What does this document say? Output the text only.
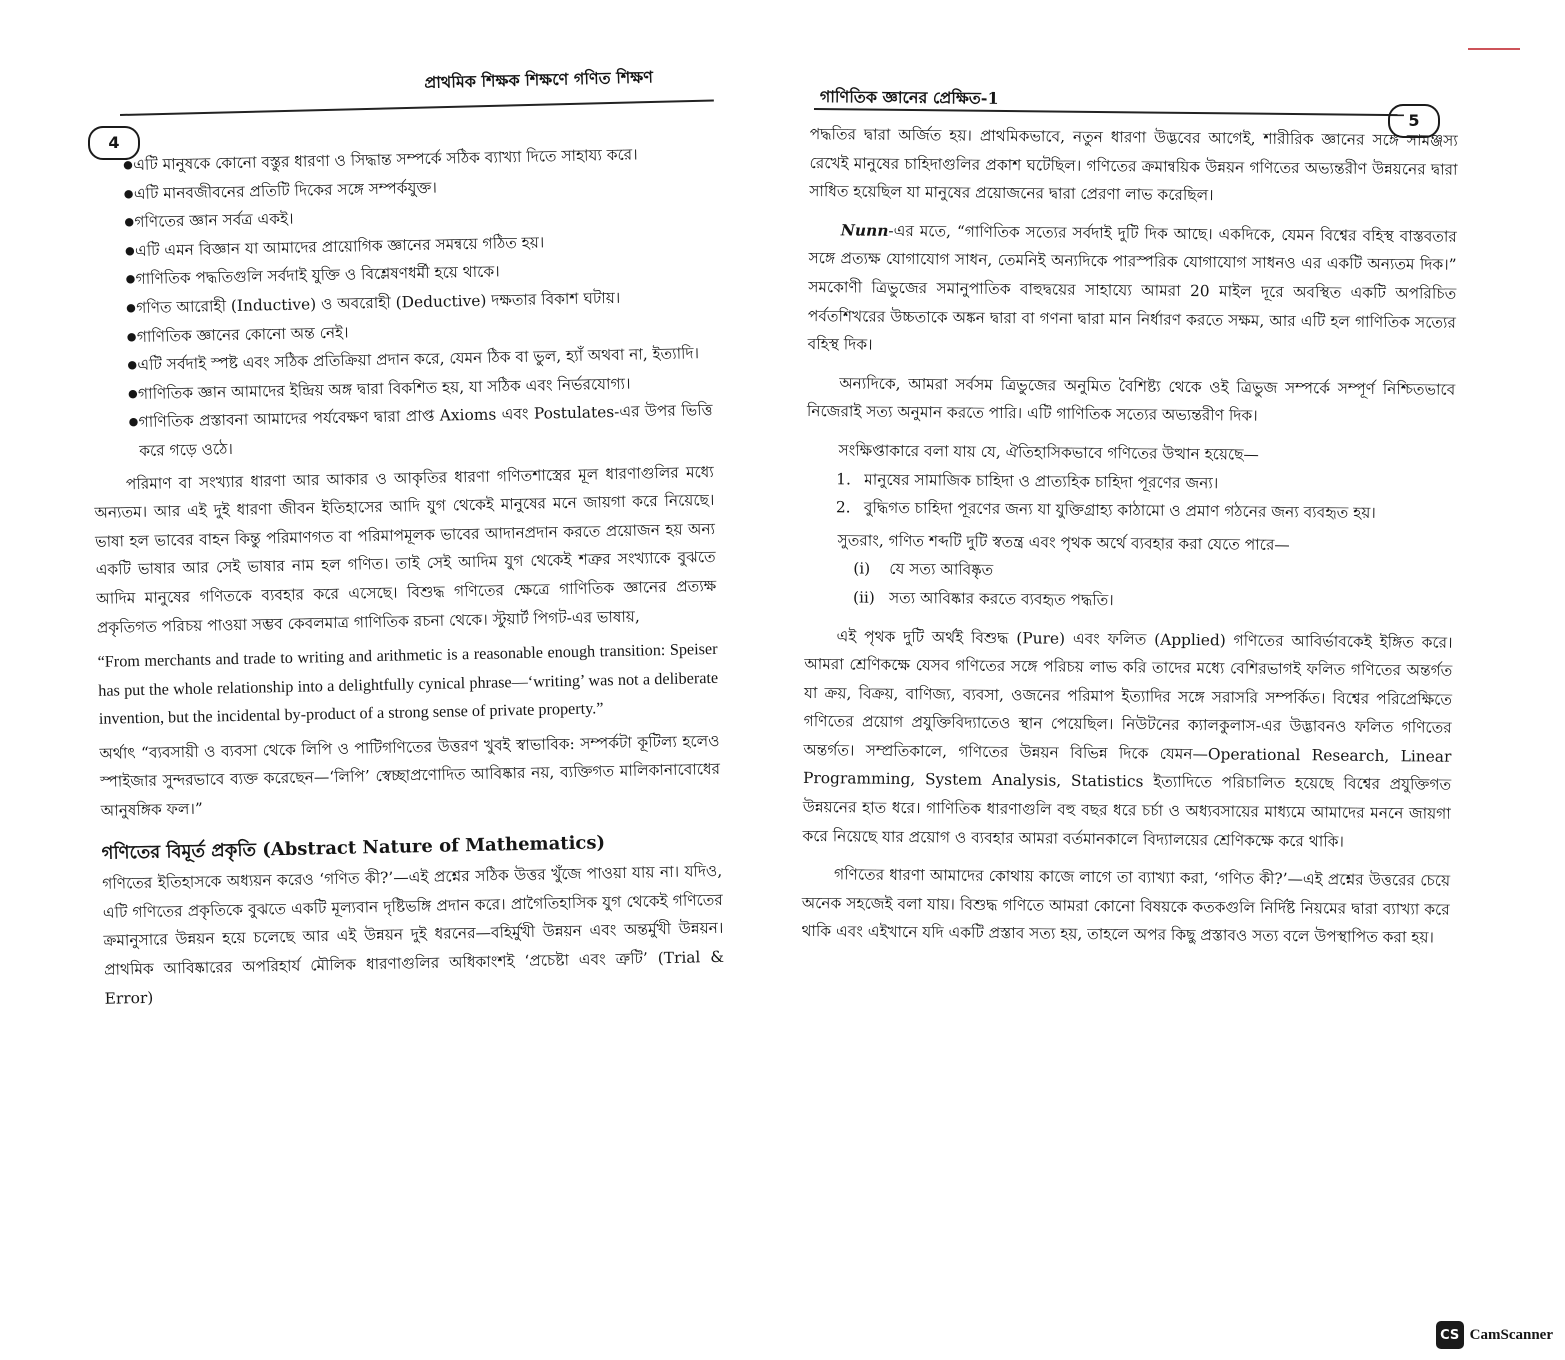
প্রাথমিক শিক্ষক শিক্ষণে গণিত শিক্ষণ
4
● এটি মানুষকে কোনো বস্তুর ধারণা ও সিদ্ধান্ত সম্পর্কে সঠিক ব্যাখ্যা দিতে সাহায্য করে।
● এটি মানবজীবনের প্রতিটি দিকের সঙ্গে সম্পর্কযুক্ত।
● গণিতের জ্ঞান সর্বত্র একই।
● এটি এমন বিজ্ঞান যা আমাদের প্রায়োগিক জ্ঞানের সমন্বয়ে গঠিত হয়।
● গাণিতিক পদ্ধতিগুলি সর্বদাই যুক্তি ও বিশ্লেষণধর্মী হয়ে থাকে।
● গণিত আরোহী (Inductive) ও অবরোহী (Deductive) দক্ষতার বিকাশ ঘটায়।
● গাণিতিক জ্ঞানের কোনো অন্ত নেই।
● এটি সর্বদাই স্পষ্ট এবং সঠিক প্রতিক্রিয়া প্রদান করে, যেমন ঠিক বা ভুল, হ্যাঁ অথবা না, ইত্যাদি।
● গাণিতিক জ্ঞান আমাদের ইন্দ্রিয় অঙ্গ দ্বারা বিকশিত হয়, যা সঠিক এবং নির্ভরযোগ্য।
● গাণিতিক প্রস্তাবনা আমাদের পর্যবেক্ষণ দ্বারা প্রাপ্ত Axioms এবং Postulates-এর উপর ভিত্তি করে গড়ে ওঠে।

পরিমাণ বা সংখ্যার ধারণা আর আকার ও আকৃতির ধারণা গণিতশাস্ত্রের মূল ধারণাগুলির মধ্যে অন্যতম। আর এই দুই ধারণা জীবন ইতিহাসের আদি যুগ থেকেই মানুষের মনে জায়গা করে নিয়েছে। ভাষা হল ভাবের বাহন কিন্তু পরিমাণগত বা পরিমাপমূলক ভাবের আদানপ্রদান করতে প্রয়োজন হয় অন্য একটি ভাষার আর সেই ভাষার নাম হল গণিত। তাই সেই আদিম যুগ থেকেই শত্রুর সংখ্যাকে বুঝতে আদিম মানুষের গণিতকে ব্যবহার করে এসেছে। বিশুদ্ধ গণিতের ক্ষেত্রে গাণিতিক জ্ঞানের প্রত্যক্ষ প্রকৃতিগত পরিচয় পাওয়া সম্ভব কেবলমাত্র গাণিতিক রচনা থেকে। স্টুয়ার্ট পিগট-এর ভাষায়,

“From merchants and trade to writing and arithmetic is a reasonable enough transition: Speiser has put the whole relationship into a delightfully cynical phrase—‘writing’ was not a deliberate invention, but the incidental by-product of a strong sense of private property.”

অর্থাৎ “ব্যবসায়ী ও ব্যবসা থেকে লিপি ও পাটিগণিতের উত্তরণ খুবই স্বাভাবিক: সম্পর্কটা কূটিল্য হলেও স্পাইজার সুন্দরভাবে ব্যক্ত করেছেন—‘লিপি’ স্বেচ্ছাপ্রণোদিত আবিষ্কার নয়, ব্যক্তিগত মালিকানাবোধের আনুষঙ্গিক ফল।”

গণিতের বিমূর্ত প্রকৃতি (Abstract Nature of Mathematics)

গণিতের ইতিহাসকে অধ্যয়ন করেও ‘গণিত কী?’—এই প্রশ্নের সঠিক উত্তর খুঁজে পাওয়া যায় না। যদিও, এটি গণিতের প্রকৃতিকে বুঝতে একটি মূল্যবান দৃষ্টিভঙ্গি প্রদান করে। প্রাগৈতিহাসিক যুগ থেকেই গণিতের ক্রমানুসারে উন্নয়ন হয়ে চলেছে আর এই উন্নয়ন দুই ধরনের—বহির্মুখী উন্নয়ন এবং অন্তর্মুখী উন্নয়ন। প্রাথমিক আবিষ্কারের অপরিহার্য মৌলিক ধারণাগুলির অধিকাংশই ‘প্রচেষ্টা এবং ত্রুটি’ (Trial & Error)

গাণিতিক জ্ঞানের প্রেক্ষিত-1
5

পদ্ধতির দ্বারা অর্জিত হয়। প্রাথমিকভাবে, নতুন ধারণা উদ্ভবের আগেই, শারীরিক জ্ঞানের সঙ্গে সামঞ্জস্য রেখেই মানুষের চাহিদাগুলির প্রকাশ ঘটেছিল। গণিতের ক্রমান্বয়িক উন্নয়ন গণিতের অভ্যন্তরীণ উন্নয়নের দ্বারা সাধিত হয়েছিল যা মানুষের প্রয়োজনের দ্বারা প্রেরণা লাভ করেছিল।

Nunn-এর মতে, “গাণিতিক সত্যের সর্বদাই দুটি দিক আছে। একদিকে, যেমন বিশ্বের বহিস্থ বাস্তবতার সঙ্গে প্রত্যক্ষ যোগাযোগ সাধন, তেমনিই অন্যদিকে পারস্পরিক যোগাযোগ সাধনও এর একটি অন্যতম দিক।” সমকোণী ত্রিভুজের সমানুপাতিক বাহুদ্বয়ের সাহায্যে আমরা 20 মাইল দূরে অবস্থিত একটি অপরিচিত পর্বতশিখরের উচ্চতাকে অঙ্কন দ্বারা বা গণনা দ্বারা মান নির্ধারণ করতে সক্ষম, আর এটি হল গাণিতিক সত্যের বহিস্থ দিক।

অন্যদিকে, আমরা সর্বসম ত্রিভুজের অনুমিত বৈশিষ্ট্য থেকে ওই ত্রিভুজ সম্পর্কে সম্পূর্ণ নিশ্চিতভাবে নিজেরাই সত্য অনুমান করতে পারি। এটি গাণিতিক সত্যের অভ্যন্তরীণ দিক।

সংক্ষিপ্তাকারে বলা যায় যে, ঐতিহাসিকভাবে গণিতের উত্থান হয়েছে—

1. মানুষের সামাজিক চাহিদা ও প্রাত্যহিক চাহিদা পূরণের জন্য।
2. বুদ্ধিগত চাহিদা পূরণের জন্য যা যুক্তিগ্রাহ্য কাঠামো ও প্রমাণ গঠনের জন্য ব্যবহৃত হয়।

সুতরাং, গণিত শব্দটি দুটি স্বতন্ত্র এবং পৃথক অর্থে ব্যবহার করা যেতে পারে—

(i) যে সত্য আবিষ্কৃত
(ii) সত্য আবিষ্কার করতে ব্যবহৃত পদ্ধতি।

এই পৃথক দুটি অর্থই বিশুদ্ধ (Pure) এবং ফলিত (Applied) গণিতের আবির্ভাবকেই ইঙ্গিত করে। আমরা শ্রেণিকক্ষে যেসব গণিতের সঙ্গে পরিচয় লাভ করি তাদের মধ্যে বেশিরভাগই ফলিত গণিতের অন্তর্গত যা ক্রয়, বিক্রয়, বাণিজ্য, ব্যবসা, ওজনের পরিমাপ ইত্যাদির সঙ্গে সরাসরি সম্পর্কিত। বিশ্বের পরিপ্রেক্ষিতে গণিতের প্রয়োগ প্রযুক্তিবিদ্যাতেও স্থান পেয়েছিল। নিউটনের ক্যালকুলাস-এর উদ্ভাবনও ফলিত গণিতের অন্তর্গত। সম্প্রতিকালে, গণিতের উন্নয়ন বিভিন্ন দিকে যেমন—Operational Research, Linear Programming, System Analysis, Statistics ইত্যাদিতে পরিচালিত হয়েছে বিশ্বের প্রযুক্তিগত উন্নয়নের হাত ধরে। গাণিতিক ধারণাগুলি বহু বছর ধরে চর্চা ও অধ্যবসায়ের মাধ্যমে আমাদের মননে জায়গা করে নিয়েছে যার প্রয়োগ ও ব্যবহার আমরা বর্তমানকালে বিদ্যালয়ের শ্রেণিকক্ষে করে থাকি।

গণিতের ধারণা আমাদের কোথায় কাজে লাগে তা ব্যাখ্যা করা, ‘গণিত কী?’—এই প্রশ্নের উত্তরের চেয়ে অনেক সহজেই বলা যায়। বিশুদ্ধ গণিতে আমরা কোনো বিষয়কে কতকগুলি নির্দিষ্ট নিয়মের দ্বারা ব্যাখ্যা করে থাকি এবং এইখানে যদি একটি প্রস্তাব সত্য হয়, তাহলে অপর কিছু প্রস্তাবও সত্য বলে উপস্থাপিত করা হয়।

CS CamScanner
